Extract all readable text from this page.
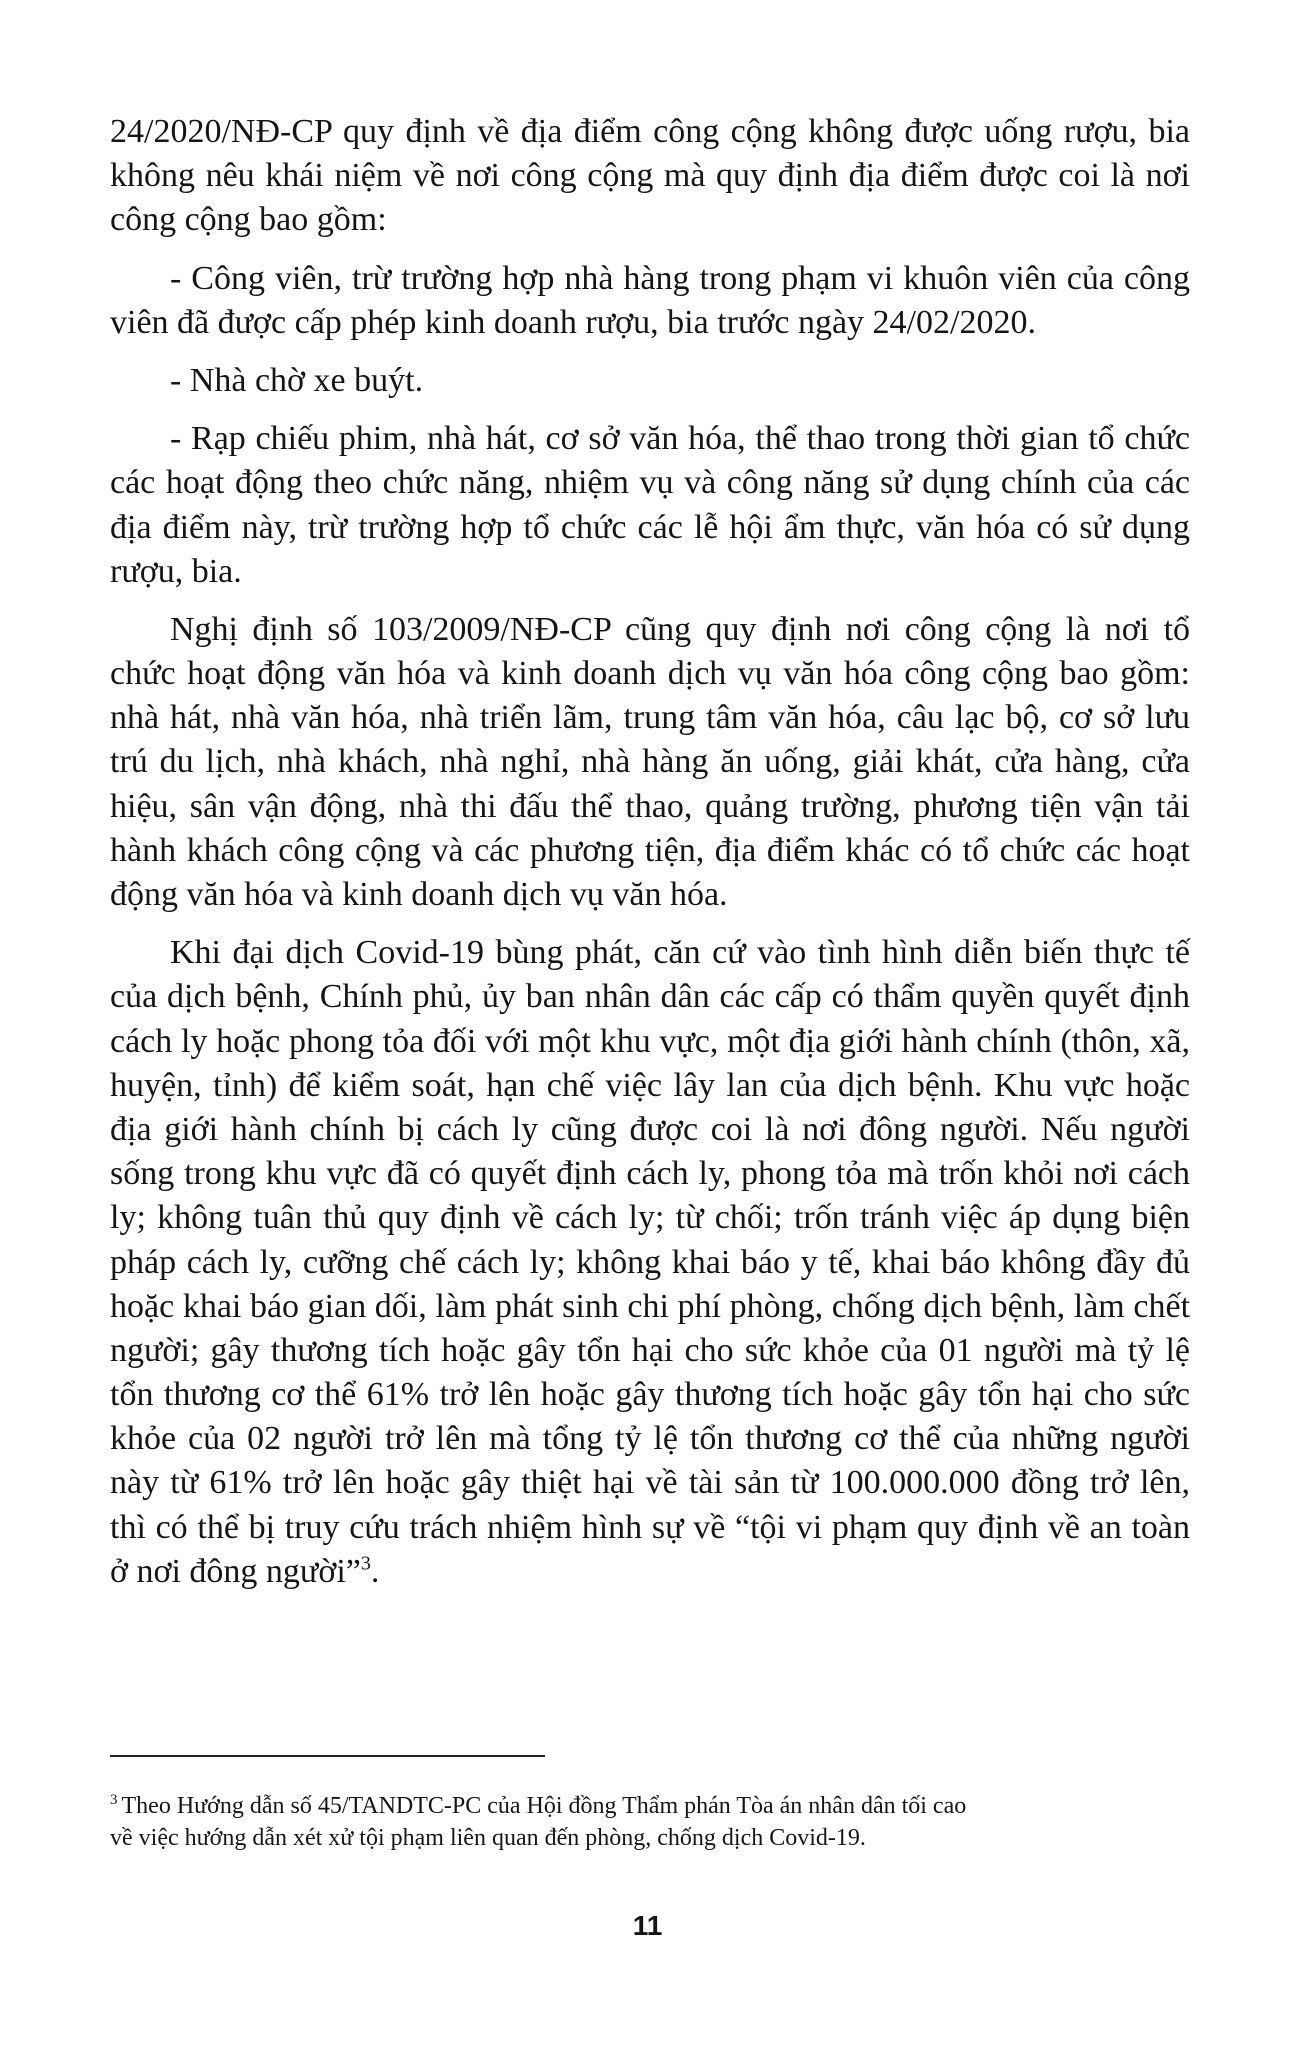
24/2020/NĐ-CP quy định về địa điểm công cộng không được uống rượu, bia không nêu khái niệm về nơi công cộng mà quy định địa điểm được coi là nơi công cộng bao gồm:

- Công viên, trừ trường hợp nhà hàng trong phạm vi khuôn viên của công viên đã được cấp phép kinh doanh rượu, bia trước ngày 24/02/2020.

- Nhà chờ xe buýt.

- Rạp chiếu phim, nhà hát, cơ sở văn hóa, thể thao trong thời gian tổ chức các hoạt động theo chức năng, nhiệm vụ và công năng sử dụng chính của các địa điểm này, trừ trường hợp tổ chức các lễ hội ẩm thực, văn hóa có sử dụng rượu, bia.

Nghị định số 103/2009/NĐ-CP cũng quy định nơi công cộng là nơi tổ chức hoạt động văn hóa và kinh doanh dịch vụ văn hóa công cộng bao gồm: nhà hát, nhà văn hóa, nhà triển lãm, trung tâm văn hóa, câu lạc bộ, cơ sở lưu trú du lịch, nhà khách, nhà nghỉ, nhà hàng ăn uống, giải khát, cửa hàng, cửa hiệu, sân vận động, nhà thi đấu thể thao, quảng trường, phương tiện vận tải hành khách công cộng và các phương tiện, địa điểm khác có tổ chức các hoạt động văn hóa và kinh doanh dịch vụ văn hóa.

Khi đại dịch Covid-19 bùng phát, căn cứ vào tình hình diễn biến thực tế của dịch bệnh, Chính phủ, ủy ban nhân dân các cấp có thẩm quyền quyết định cách ly hoặc phong tỏa đối với một khu vực, một địa giới hành chính (thôn, xã, huyện, tỉnh) để kiểm soát, hạn chế việc lây lan của dịch bệnh. Khu vực hoặc địa giới hành chính bị cách ly cũng được coi là nơi đông người. Nếu người sống trong khu vực đã có quyết định cách ly, phong tỏa mà trốn khỏi nơi cách ly; không tuân thủ quy định về cách ly; từ chối; trốn tránh việc áp dụng biện pháp cách ly, cưỡng chế cách ly; không khai báo y tế, khai báo không đầy đủ hoặc khai báo gian dối, làm phát sinh chi phí phòng, chống dịch bệnh, làm chết người; gây thương tích hoặc gây tổn hại cho sức khỏe của 01 người mà tỷ lệ tổn thương cơ thể 61% trở lên hoặc gây thương tích hoặc gây tổn hại cho sức khỏe của 02 người trở lên mà tổng tỷ lệ tổn thương cơ thể của những người này từ 61% trở lên hoặc gây thiệt hại về tài sản từ 100.000.000 đồng trở lên, thì có thể bị truy cứu trách nhiệm hình sự về “tội vi phạm quy định về an toàn ở nơi đông người”$^3$.

$^3$ Theo Hướng dẫn số 45/TANDTC-PC của Hội đồng Thẩm phán Tòa án nhân dân tối cao
về việc hướng dẫn xét xử tội phạm liên quan đến phòng, chống dịch Covid-19.
11
